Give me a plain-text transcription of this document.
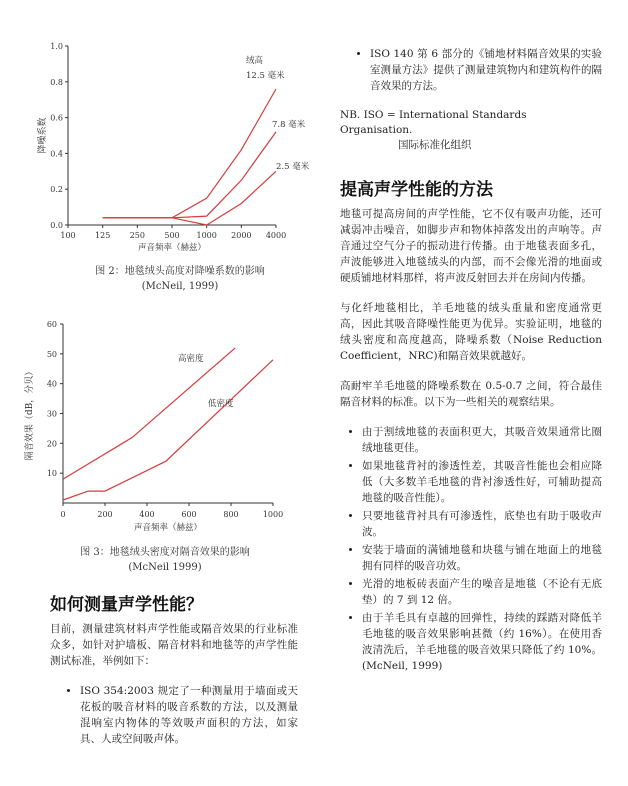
1.0
0.8
0.6
0.4
0.2
0.0
100 125 250 500 1000 2000 4000
声音频率（赫兹）
降噪系数
绒高
12.5 毫米
7.8 毫米
2.5 毫米
图 2：地毯绒头高度对降噪系数的影响
(McNeil, 1999)
60
50
40
30
20
10
0	200	400	600	800	1000
声音频率（赫兹）
隔音效果（dB，分贝）
高密度
低密度
图 3：地毯绒头密度对隔音效果的影响
(McNeil 1999)
如何测量声学性能？

目前，测量建筑材料声学性能或隔音效果的行业标准众多，如针对护墙板、隔音材料和地毯等的声学性能测试标准，举例如下：

• ISO 354:2003 规定了一种测量用于墙面或天花板的吸音材料的吸音系数的方法，以及测量混响室内物体的等效吸声面积的方法，如家具、人或空间吸声体。
• ISO 140 第 6 部分的《铺地材料隔音效果的实验室测量方法》提供了测量建筑物内和建筑构件的隔音效果的方法。
NB. ISO = International Standards Organisation.
国际标准化组织
提高声学性能的方法

地毯可提高房间的声学性能，它不仅有吸声功能，还可减弱冲击噪音，如脚步声和物体掉落发出的声响等。声音通过空气分子的振动进行传播。由于地毯表面多孔，声波能够进入地毯绒头的内部，而不会像光滑的地面或硬质铺地材料那样，将声波反射回去并在房间内传播。

与化纤地毯相比，羊毛地毯的绒头重量和密度通常更高，因此其吸音降噪性能更为优异。实验证明，地毯的绒头密度和高度越高，降噪系数（Noise Reduction Coefficient，NRC)和隔音效果就越好。

高耐牢羊毛地毯的降噪系数在 0.5-0.7 之间，符合最佳隔音材料的标准。以下为一些相关的观察结果。

• 由于割绒地毯的表面积更大，其吸音效果通常比圈绒地毯更佳。
• 如果地毯背衬的渗透性差，其吸音性能也会相应降低（大多数羊毛地毯的背衬渗透性好，可辅助提高地毯的吸音性能）。
• 只要地毯背衬具有可渗透性，底垫也有助于吸收声波。
• 安装于墙面的满铺地毯和块毯与铺在地面上的地毯拥有同样的吸音功效。
• 光滑的地板砖表面产生的噪音是地毯（不论有无底垫）的 7 到 12 倍。
• 由于羊毛具有卓越的回弹性，持续的踩踏对降低羊毛地毯的吸音效果影响甚微（约 16%）。在使用香波清洗后，羊毛地毯的吸音效果只降低了约 10%。(McNeil, 1999)
